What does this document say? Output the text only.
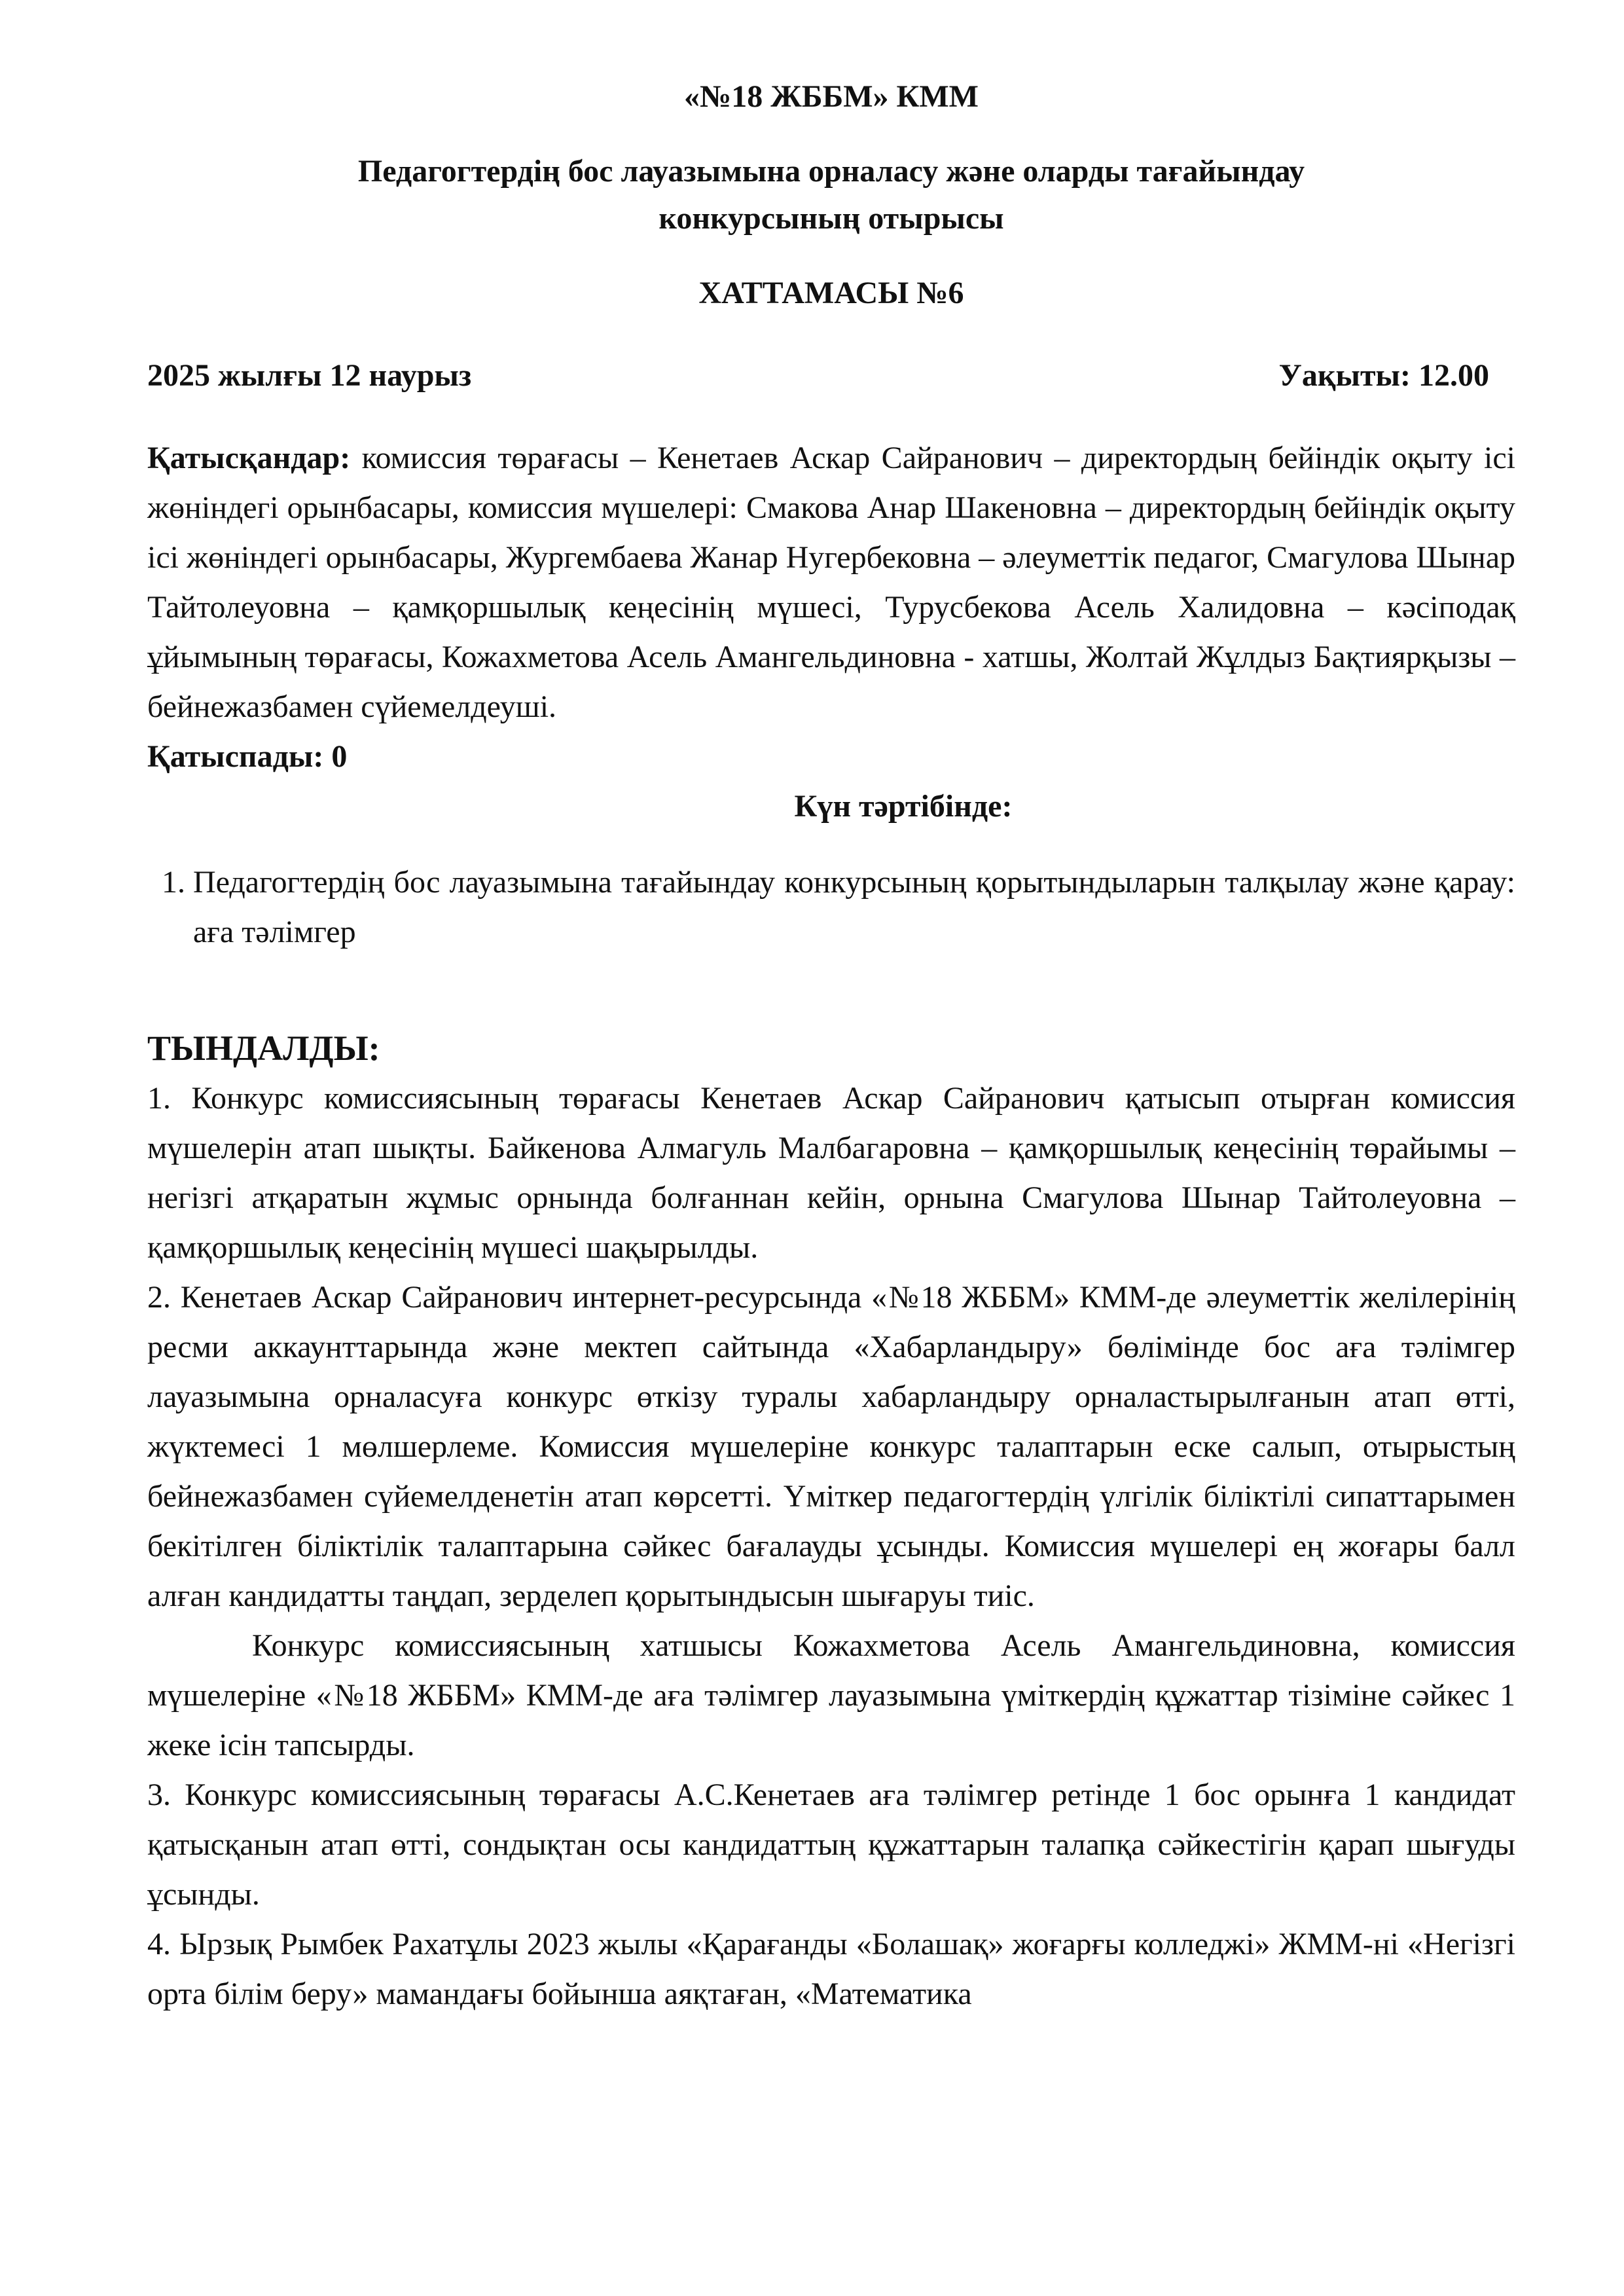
«№18 ЖББМ» КММ
Педагогтердің бос лауазымына орналасу және оларды тағайындау
конкурсының отырысы
ХАТТАМАСЫ №6
2025 жылғы 12 наурыз	Уақыты: 12.00

Қатысқандар: комиссия төрағасы – Кенетаев Аскар Сайранович – директордың бейіндік оқыту ісі жөніндегі орынбасары, комиссия мүшелері: Смакова Анар Шакеновна – директордың бейіндік оқыту ісі жөніндегі орынбасары, Жургембаева Жанар Нугербековна – әлеуметтік педагог, Смагулова Шынар Тайтолеуовна – қамқоршылық кеңесінің мүшесі, Турусбекова Асель Халидовна – кәсіподақ ұйымының төрағасы, Кожахметова Асель Амангельдиновна - хатшы, Жолтай Жұлдыз Бақтиярқызы – бейнежазбамен сүйемелдеуші.

Қатыспады: 0
Күн тәртібінде:
1. Педагогтердің бос лауазымына тағайындау конкурсының қорытындыларын талқылау және қарау: аға тәлімгер
ТЫНДАЛДЫ:

1. Конкурс комиссиясының төрағасы Кенетаев Аскар Сайранович қатысып отырған комиссия мүшелерін атап шықты. Байкенова Алмагуль Малбагаровна – қамқоршылық кеңесінің төрайымы – негізгі атқаратын жұмыс орнында болғаннан кейін, орнына Смагулова Шынар Тайтолеуовна – қамқоршылық кеңесінің мүшесі шақырылды.

2. Кенетаев Аскар Сайранович интернет-ресурсында «№18 ЖББМ» КММ-де әлеуметтік желілерінің ресми аккаунттарында және мектеп сайтында «Хабарландыру» бөлімінде бос аға тәлімгер лауазымына орналасуға конкурс өткізу туралы хабарландыру орналастырылғанын атап өтті, жүктемесі 1 мөлшерлеме. Комиссия мүшелеріне конкурс талаптарын еске салып, отырыстың бейнежазбамен сүйемелденетін атап көрсетті. Үміткер педагогтердің үлгілік біліктілі сипаттарымен бекітілген біліктілік талаптарына сәйкес бағалауды ұсынды. Комиссия мүшелері ең жоғары балл алған кандидатты таңдап, зерделеп қорытындысын шығаруы тиіс.

Конкурс комиссиясының хатшысы Кожахметова Асель Амангельдиновна, комиссия мүшелеріне «№18 ЖББМ» КММ-де аға тәлімгер лауазымына үміткердің құжаттар тізіміне сәйкес 1 жеке ісін тапсырды.

3. Конкурс комиссиясының төрағасы А.С.Кенетаев аға тәлімгер ретінде 1 бос орынға 1 кандидат қатысқанын атап өтті, сондықтан осы кандидаттың құжаттарын талапқа сәйкестігін қарап шығуды ұсынды.

4. Ырзық Рымбек Рахатұлы 2023 жылы «Қарағанды «Болашақ» жоғарғы колледжі» ЖММ-ні «Негізгі орта білім беру» мамандағы бойынша аяқтаған, «Математика
